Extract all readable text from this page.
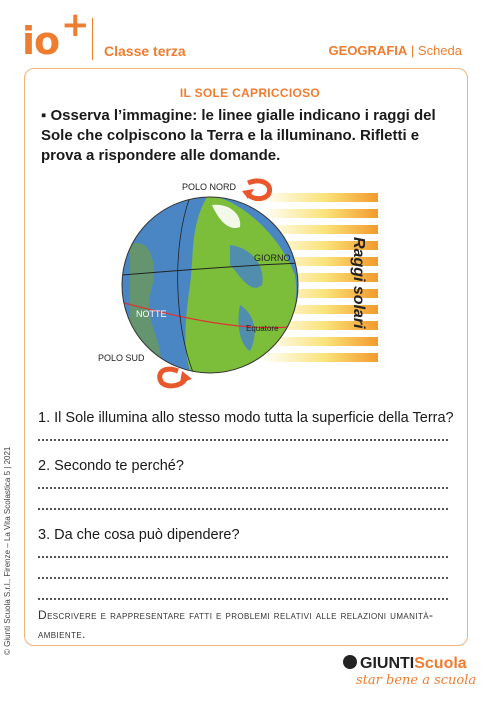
io +
Classe terza	GEOGRAFIA | Scheda
IL SOLE CAPRICCIOSO
▪ Osserva l’immagine: le linee gialle indicano i raggi del Sole che colpiscono la Terra e la illuminano. Rifletti e prova a rispondere alle domande.
POLO NORD
POLO SUD
GIORNO
NOTTE
Equatore	Raggi solari
1. Il Sole illumina allo stesso modo tutta la superficie della Terra?
2. Secondo te perché?
3. Da che cosa può dipendere?
Descrivere e rappresentare fatti e problemi relativi alle relazioni umanità-ambiente.
© Giunti Scuola S.r.l., Firenze – La Vita Scolastica 5 | 2021
GIUNTIScuola
star bene a scuola
